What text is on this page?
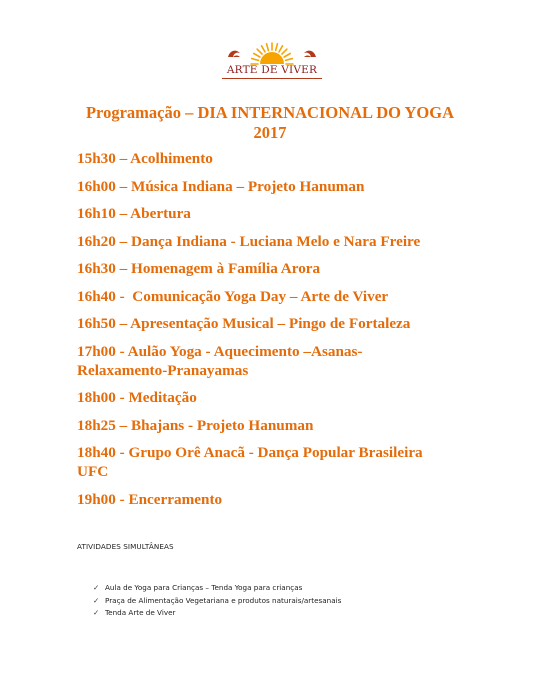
ARTE DE VIVER
Programação – DIA INTERNACIONAL DO YOGA
2017
15h30 – Acolhimento
16h00 – Música Indiana – Projeto Hanuman
16h10 – Abertura
16h20 – Dança Indiana - Luciana Melo e Nara Freire
16h30 – Homenagem à Família Arora
16h40 -  Comunicação Yoga Day – Arte de Viver
16h50 – Apresentação Musical – Pingo de Fortaleza
17h00 - Aulão Yoga - Aquecimento –Asanas-
Relaxamento-Pranayamas
18h00 - Meditação
18h25 – Bhajans - Projeto Hanuman
18h40 - Grupo Orê Anacã - Dança Popular Brasileira
UFC
19h00 - Encerramento
ATIVIDADES SIMULTÂNEAS
✓ Aula de Yoga para Crianças – Tenda Yoga para crianças
✓ Praça de Alimentação Vegetariana e produtos naturais/artesanais
✓ Tenda Arte de Viver
